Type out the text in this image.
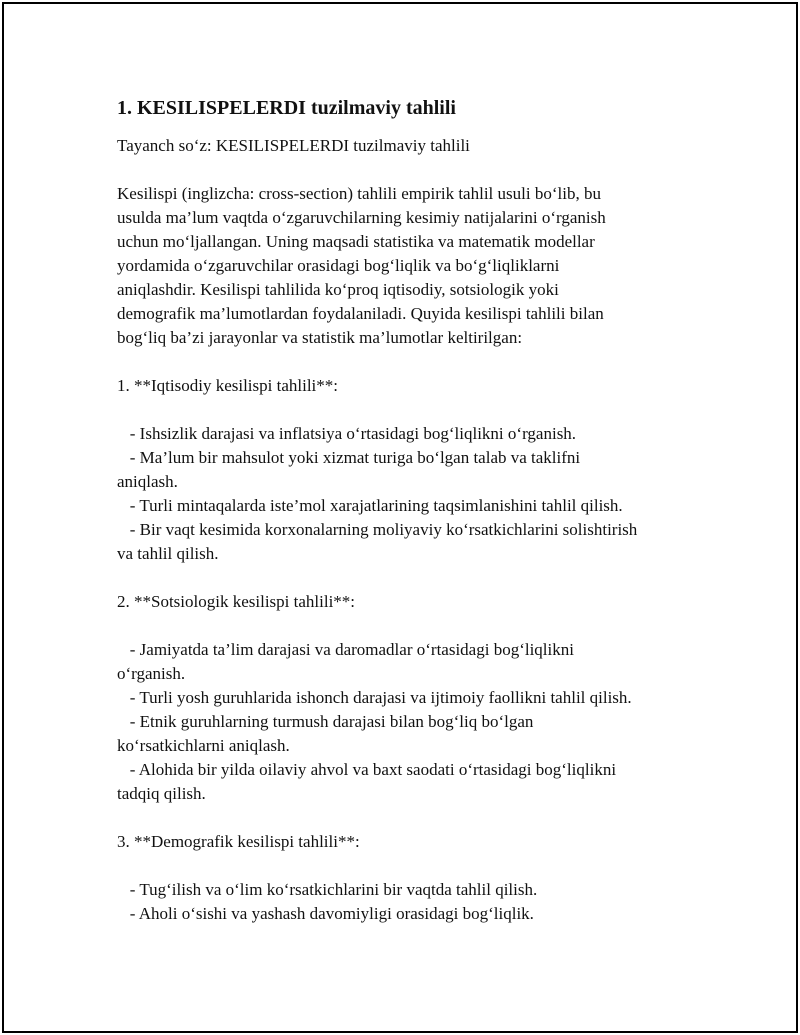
1. KESILISPELERDI tuzilmaviy tahlili
Tayanch so‘z: KESILISPELERDI tuzilmaviy tahlili
Kesilispi (inglizcha: cross-section) tahlili empirik tahlil usuli bo‘lib, bu
usulda ma’lum vaqtda o‘zgaruvchilarning kesimiy natijalarini o‘rganish
uchun mo‘ljallangan. Uning maqsadi statistika va matematik modellar
yordamida o‘zgaruvchilar orasidagi bog‘liqlik va bo‘g‘liqliklarni
aniqlashdir. Kesilispi tahlilida ko‘proq iqtisodiy, sotsiologik yoki
demografik ma’lumotlardan foydalaniladi. Quyida kesilispi tahlili bilan
bog‘liq ba’zi jarayonlar va statistik ma’lumotlar keltirilgan:
1. **Iqtisodiy kesilispi tahlili**:
- Ishsizlik darajasi va inflatsiya o‘rtasidagi bog‘liqlikni o‘rganish.
- Ma’lum bir mahsulot yoki xizmat turiga bo‘lgan talab va taklifni
aniqlash.
- Turli mintaqalarda iste’mol xarajatlarining taqsimlanishini tahlil qilish.
- Bir vaqt kesimida korxonalarning moliyaviy ko‘rsatkichlarini solishtirish
va tahlil qilish.
2. **Sotsiologik kesilispi tahlili**:
- Jamiyatda ta’lim darajasi va daromadlar o‘rtasidagi bog‘liqlikni
o‘rganish.
- Turli yosh guruhlarida ishonch darajasi va ijtimoiy faollikni tahlil qilish.
- Etnik guruhlarning turmush darajasi bilan bog‘liq bo‘lgan
ko‘rsatkichlarni aniqlash.
- Alohida bir yilda oilaviy ahvol va baxt saodati o‘rtasidagi bog‘liqlikni
tadqiq qilish.
3. **Demografik kesilispi tahlili**:
- Tug‘ilish va o‘lim ko‘rsatkichlarini bir vaqtda tahlil qilish.
- Aholi o‘sishi va yashash davomiyligi orasidagi bog‘liqlik.
